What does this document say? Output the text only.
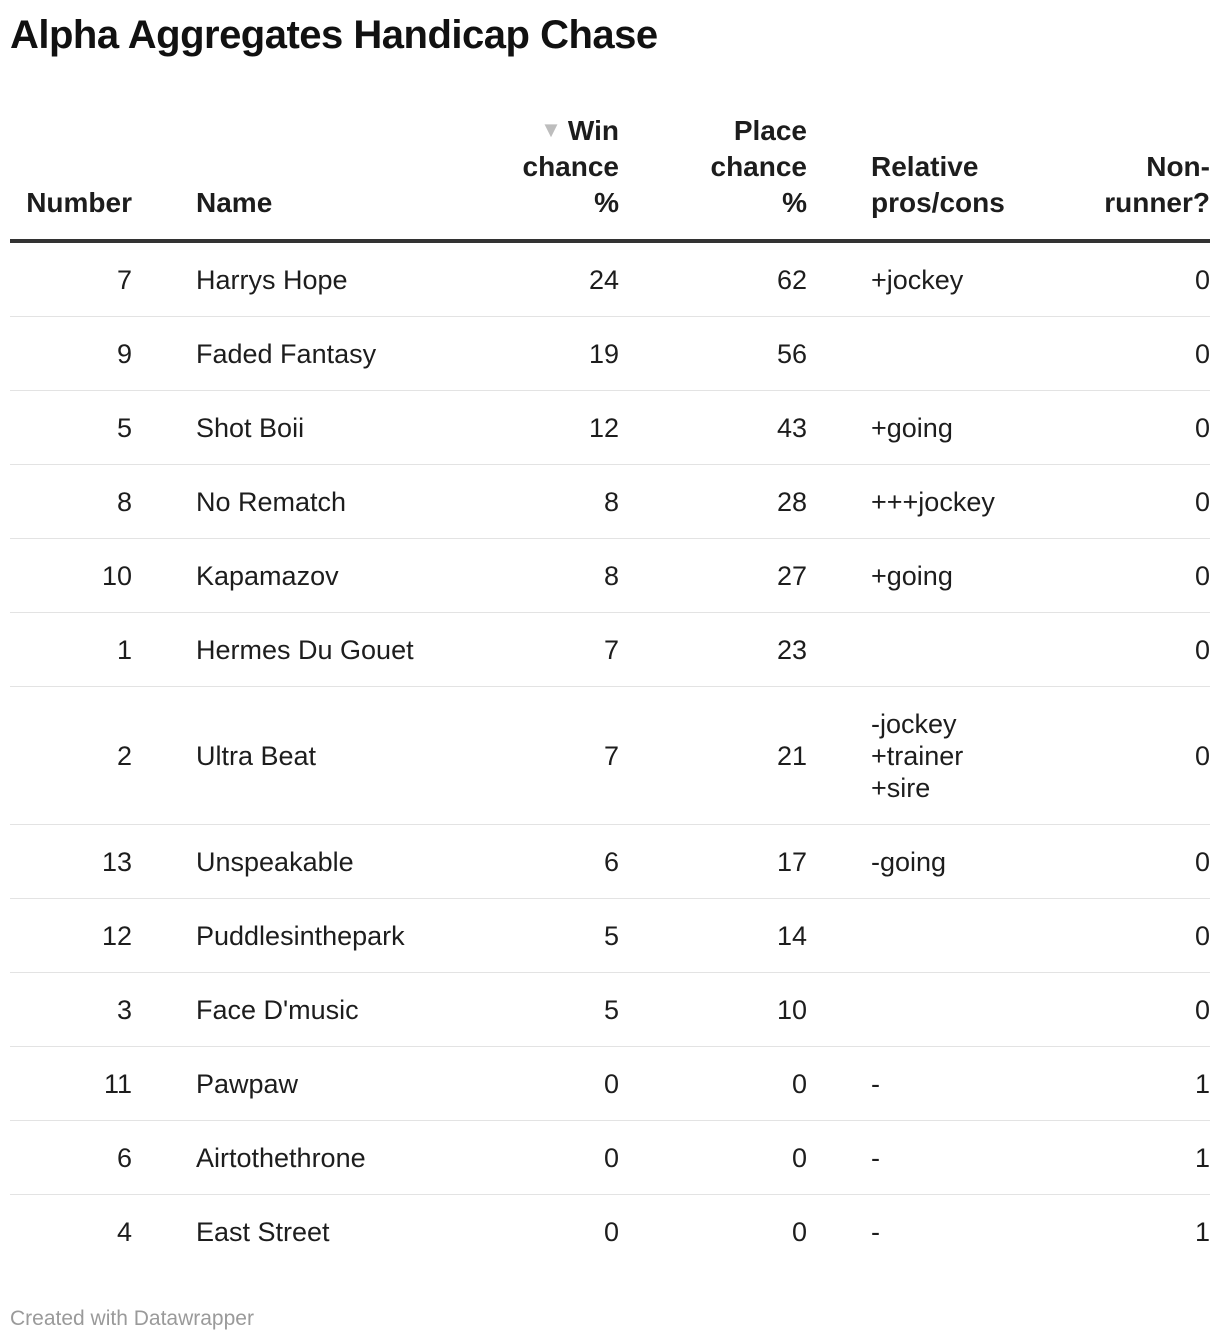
Alpha Aggregates Handicap Chase
Number		Name	▼ Win
chance
%	Place
chance
%	Relative
pros/cons	Non-
runner?
7		Harrys Hope	24	62	+jockey	0
9		Faded Fantasy	19	56		0
5		Shot Boii	12	43	+going	0
8		No Rematch	8	28	+++jockey	0
10		Kapamazov	8	27	+going	0
1		Hermes Du Gouet	7	23		0
2		Ultra Beat	7	21	-jockey
+trainer
+sire	0
13		Unspeakable	6	17	-going	0
12		Puddlesinthepark	5	14		0
3		Face D'music	5	10		0
11		Pawpaw	0	0	-	1
6		Airtothethrone	0	0	-	1
4		East Street	0	0	-	1
Created with Datawrapper
